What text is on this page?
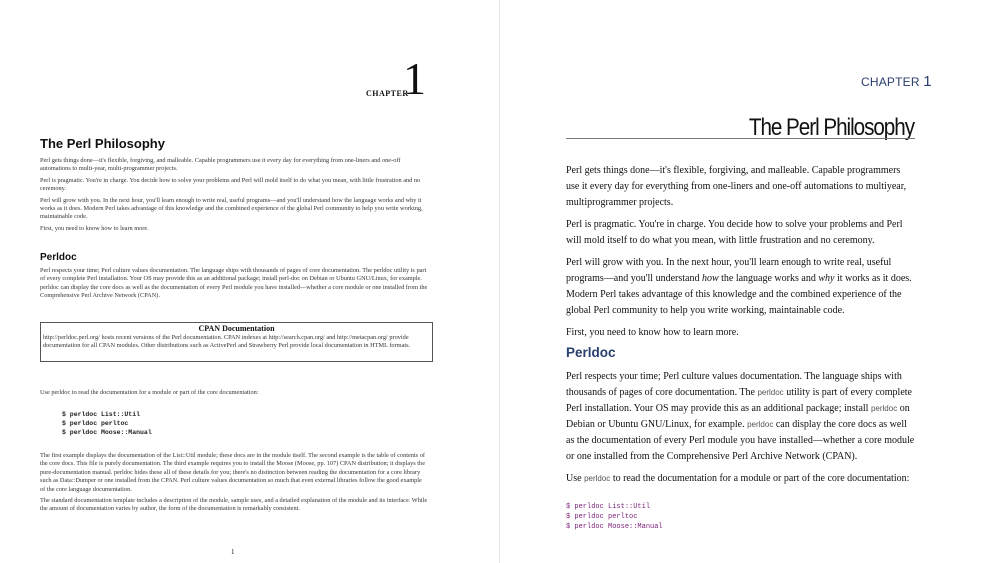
CHAPTER
1
The Perl Philosophy

Perl gets things done—it's flexible, forgiving, and malleable. Capable programmers use it every day for everything from one-liners and one-off automations to multi-year, multi-programmer projects.

Perl is pragmatic. You're in charge. You decide how to solve your problems and Perl will mold itself to do what you mean, with little frustration and no ceremony.

Perl will grow with you. In the next hour, you'll learn enough to write real, useful programs—and you'll understand how the language works and why it works as it does. Modern Perl takes advantage of this knowledge and the combined experience of the global Perl community to help you write working, maintainable code.

First, you need to know how to learn more.

Perldoc

Perl respects your time; Perl culture values documentation. The language ships with thousands of pages of core documentation. The perldoc utility is part of every complete Perl installation. Your OS may provide this as an additional package; install perl-doc on Debian or Ubuntu GNU/Linux, for example. perldoc can display the core docs as well as the documentation of every Perl module you have installed—whether a core module or one installed from the Comprehensive Perl Archive Network (CPAN).

CPAN Documentation
http://perldoc.perl.org/ hosts recent versions of the Perl documentation. CPAN indexes at http://search.cpan.org/ and http://metacpan.org/ provide documentation for all CPAN modules. Other distributions such as ActivePerl and Strawberry Perl provide local documentation in HTML formats.

Use perldoc to read the documentation for a module or part of the core documentation:

$ perldoc List::Util
$ perldoc perltoc
$ perldoc Moose::Manual

The first example displays the documentation of the List::Util module; these docs are in the module itself. The second example is the table of contents of the core docs. This file is purely documentation. The third example requires you to install the Moose (Moose, pp. 107) CPAN distribution; it displays the pure-documentation manual. perldoc hides these all of these details for you; there's no distinction between reading the documentation for a core library such as Data::Dumper or one installed from the CPAN. Perl culture values documentation so much that even external libraries follow the good example of the core language documentation.

The standard documentation template includes a description of the module, sample uses, and a detailed explanation of the module and its interface. While the amount of documentation varies by author, the form of the documentation is remarkably consistent.

1
CHAPTER 1
The Perl Philosophy

Perl gets things done—it's flexible, forgiving, and malleable. Capable programmers use it every day for everything from one-liners and one-off automations to multiyear, multiprogrammer projects.

Perl is pragmatic. You're in charge. You decide how to solve your problems and Perl will mold itself to do what you mean, with little frustration and no ceremony.

Perl will grow with you. In the next hour, you'll learn enough to write real, useful programs—and you'll understand how the language works and why it works as it does. Modern Perl takes advantage of this knowledge and the combined experience of the global Perl community to help you write working, maintainable code.

First, you need to know how to learn more.

Perldoc

Perl respects your time; Perl culture values documentation. The language ships with thousands of pages of core documentation. The perldoc utility is part of every complete Perl installation. Your OS may provide this as an additional package; install perldoc on Debian or Ubuntu GNU/Linux, for example. perldoc can display the core docs as well as the documentation of every Perl module you have installed—whether a core module or one installed from the Comprehensive Perl Archive Network (CPAN).

Use perldoc to read the documentation for a module or part of the core documentation:

$ perldoc List::Util
$ perldoc perltoc
$ perldoc Moose::Manual
